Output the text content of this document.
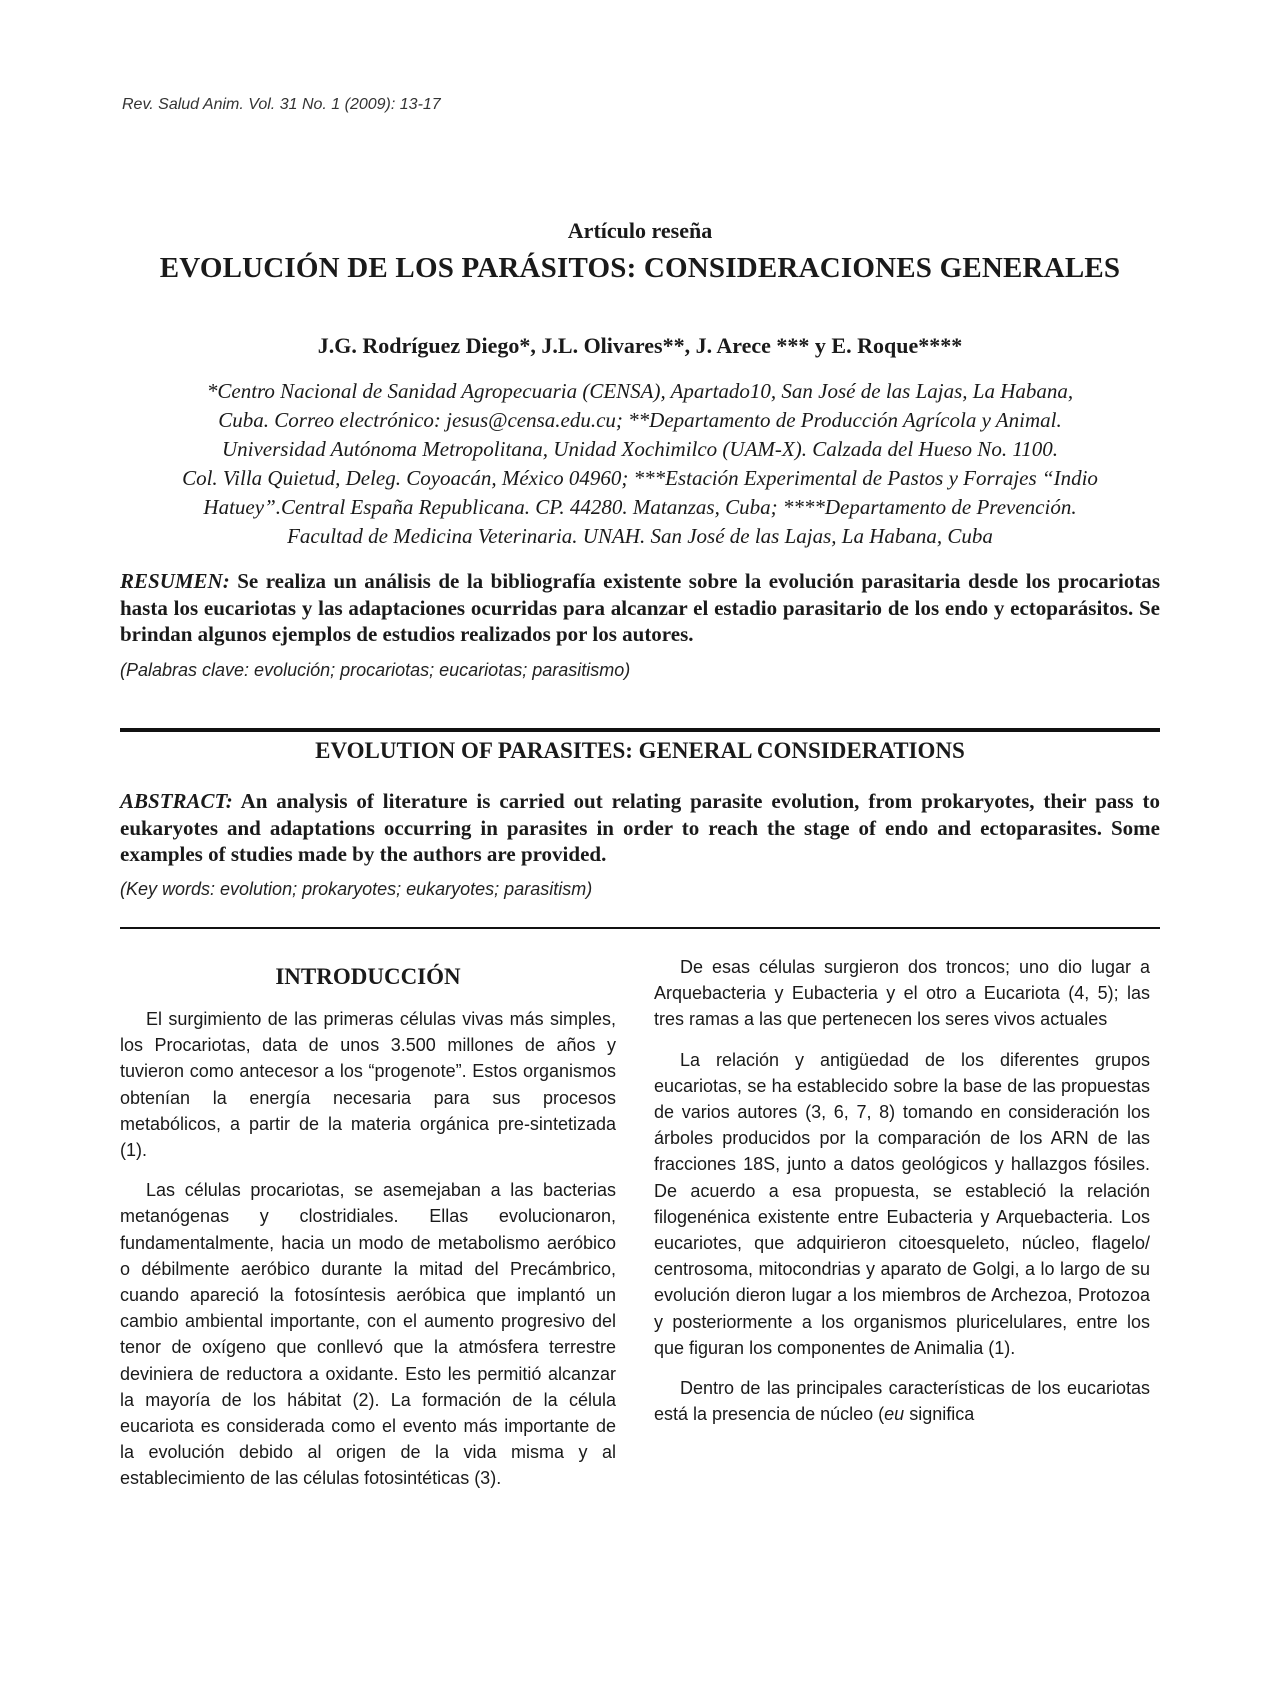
Rev. Salud Anim. Vol. 31 No. 1 (2009): 13-17
Artículo reseña
EVOLUCIÓN DE LOS PARÁSITOS: CONSIDERACIONES GENERALES
J.G. Rodríguez Diego*, J.L. Olivares**, J. Arece *** y E. Roque****
*Centro Nacional de Sanidad Agropecuaria (CENSA), Apartado10, San José de las Lajas, La Habana,
Cuba. Correo electrónico: jesus@censa.edu.cu; **Departamento de Producción Agrícola y Animal.
Universidad Autónoma Metropolitana, Unidad Xochimilco (UAM-X). Calzada del Hueso No. 1100.
Col. Villa Quietud, Deleg. Coyoacán, México 04960; ***Estación Experimental de Pastos y Forrajes “Indio
Hatuey”.Central España Republicana. CP. 44280. Matanzas, Cuba; ****Departamento de Prevención.
Facultad de Medicina Veterinaria. UNAH. San José de las Lajas, La Habana, Cuba
RESUMEN: Se realiza un análisis de la bibliografía existente sobre la evolución parasitaria desde los procariotas hasta los eucariotas y las adaptaciones ocurridas para alcanzar el estadio parasitario de los endo y ectoparásitos. Se brindan algunos ejemplos de estudios realizados por los autores.
(Palabras clave: evolución; procariotas; eucariotas; parasitismo)
EVOLUTION OF PARASITES: GENERAL CONSIDERATIONS
ABSTRACT: An analysis of literature is carried out relating parasite evolution, from prokaryotes, their pass to eukaryotes and adaptations occurring in parasites in order to reach the stage of endo and ectoparasites. Some examples of studies made by the authors are provided.
(Key words: evolution; prokaryotes; eukaryotes; parasitism)
INTRODUCCIÓN

El surgimiento de las primeras células vivas más simples, los Procariotas, data de unos 3.500 millones de años y tuvieron como antecesor a los “progenote”. Estos organismos obtenían la energía necesaria para sus procesos metabólicos, a partir de la materia orgánica pre-sintetizada (1).

Las células procariotas, se asemejaban a las bacterias metanógenas y clostridiales. Ellas evolucionaron, fundamentalmente, hacia un modo de metabolismo aeróbico o débilmente aeróbico durante la mitad del Precámbrico, cuando apareció la fotosíntesis aeróbica que implantó un cambio ambiental importante, con el aumento progresivo del tenor de oxígeno que conllevó que la atmósfera terrestre deviniera de reductora a oxidante. Esto les permitió alcanzar la mayoría de los hábitat (2). La formación de la célula eucariota es considerada como el evento más importante de la evolución debido al origen de la vida misma y al establecimiento de las células fotosintéticas (3).

De esas células surgieron dos troncos; uno dio lugar a Arquebacteria y Eubacteria y el otro a Eucariota (4, 5); las tres ramas a las que pertenecen los seres vivos actuales

La relación y antigüedad de los diferentes grupos eucariotas, se ha establecido sobre la base de las propuestas de varios autores (3, 6, 7, 8) tomando en consideración los árboles producidos por la comparación de los ARN de las fracciones 18S, junto a datos geológicos y hallazgos fósiles. De acuerdo a esa propuesta, se estableció la relación filogenénica existente entre Eubacteria y Arquebacteria. Los eucariotes, que adquirieron citoesqueleto, núcleo, flagelo/ centrosoma, mitocondrias y aparato de Golgi, a lo largo de su evolución dieron lugar a los miembros de Archezoa, Protozoa y posteriormente a los organismos pluricelulares, entre los que figuran los componentes de Animalia (1).

Dentro de las principales características de los eucariotas está la presencia de núcleo (eu significa
